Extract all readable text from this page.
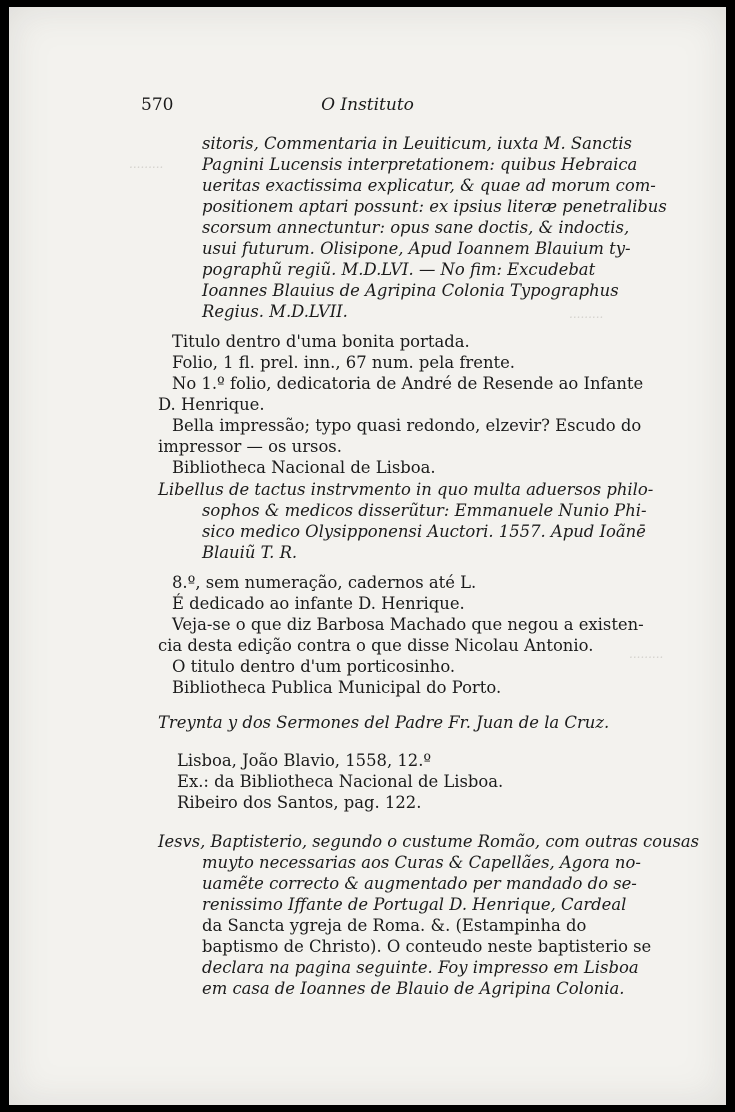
.........
.........
.........
570	O Instituto
sitoris, Commentaria in Leuiticum, iuxta M. Sanctis
Pagnini Lucensis interpretationem: quibus Hebraica
ueritas exactissima explicatur, & quae ad morum com-
positionem aptari possunt: ex ipsius literæ penetralibus
scorsum annectuntur: opus sane doctis, & indoctis,
usui futurum. Olisipone, Apud Ioannem Blauium ty-
pographũ regiũ. M.D.LVI. — No fim: Excudebat
Ioannes Blauius de Agripina Colonia Typographus
Regius. M.D.LVII.
Titulo dentro d'uma bonita portada.
Folio, 1 fl. prel. inn., 67 num. pela frente.
No 1.º folio, dedicatoria de André de Resende ao Infante
D. Henrique.
Bella impressão; typo quasi redondo, elzevir? Escudo do
impressor — os ursos.
Bibliotheca Nacional de Lisboa.
Libellus de tactus instrvmento in quo multa aduersos philo-
sophos & medicos disserũtur: Emmanuele Nunio Phi-
sico medico Olysipponensi Auctori. 1557. Apud Ioãnē
Blauiũ T. R.
8.º, sem numeração, cadernos até L.
É dedicado ao infante D. Henrique.
Veja-se o que diz Barbosa Machado que negou a existen-
cia desta edição contra o que disse Nicolau Antonio.
O titulo dentro d'um porticosinho.
Bibliotheca Publica Municipal do Porto.
Treynta y dos Sermones del Padre Fr. Juan de la Cruz.
Lisboa, João Blavio, 1558, 12.º
Ex.: da Bibliotheca Nacional de Lisboa.
Ribeiro dos Santos, pag. 122.
Iesvs, Baptisterio, segundo o custume Romão, com outras cousas
muyto necessarias aos Curas & Capellães, Agora no-
uamẽte correcto & augmentado per mandado do se-
renissimo Iffante de Portugal D. Henrique, Cardeal
da Sancta ygreja de Roma. &. (Estampinha do
baptismo de Christo). O conteudo neste baptisterio se
declara na pagina seguinte. Foy impresso em Lisboa
em casa de Ioannes de Blauio de Agripina Colonia.
